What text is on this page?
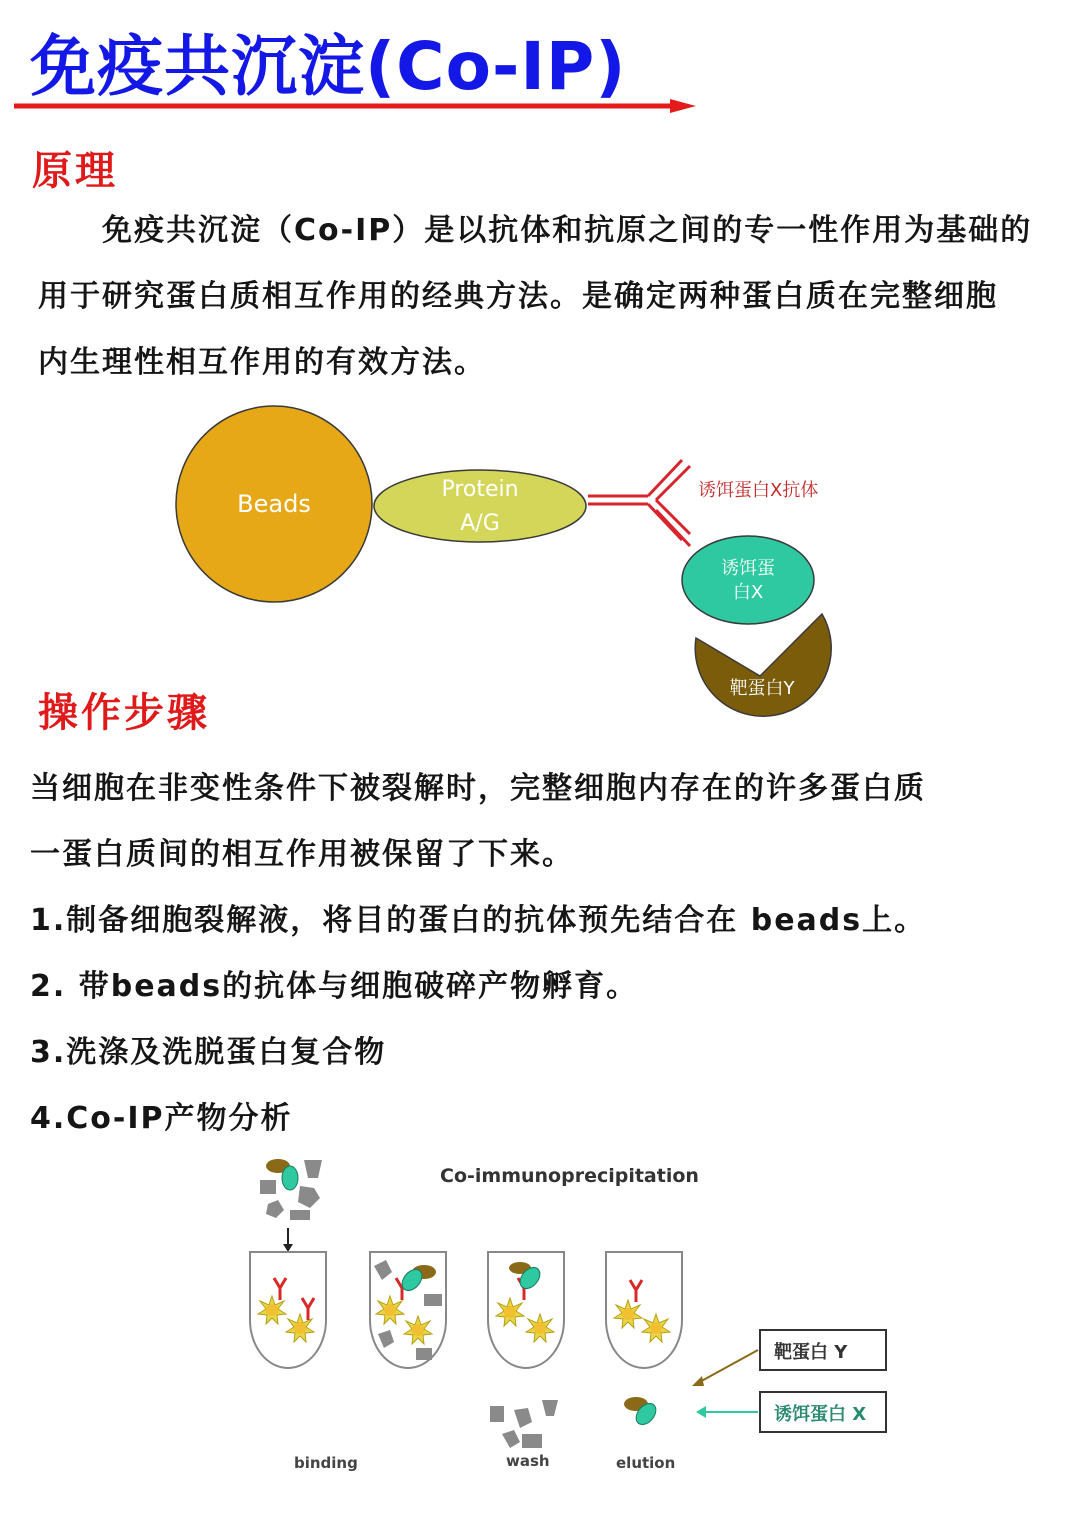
免疫共沉淀(Co-IP)
原理
免疫共沉淀（Co-IP）是以抗体和抗原之间的专一性作用为基础的
用于研究蛋白质相互作用的经典方法。是确定两种蛋白质在完整细胞
内生理性相互作用的有效方法。
Beads
Protein
A/G
诱饵蛋白X抗体
诱饵蛋
白X
靶蛋白Y
操作步骤
当细胞在非变性条件下被裂解时，完整细胞内存在的许多蛋白质
一蛋白质间的相互作用被保留了下来。
1.制备细胞裂解液，将目的蛋白的抗体预先结合在 beads上。
2. 带beads的抗体与细胞破碎产物孵育。
3.洗涤及洗脱蛋白复合物
4.Co-IP产物分析
Co-immunoprecipitation
binding	wash	elution
靶蛋白 Y
诱饵蛋白 X
